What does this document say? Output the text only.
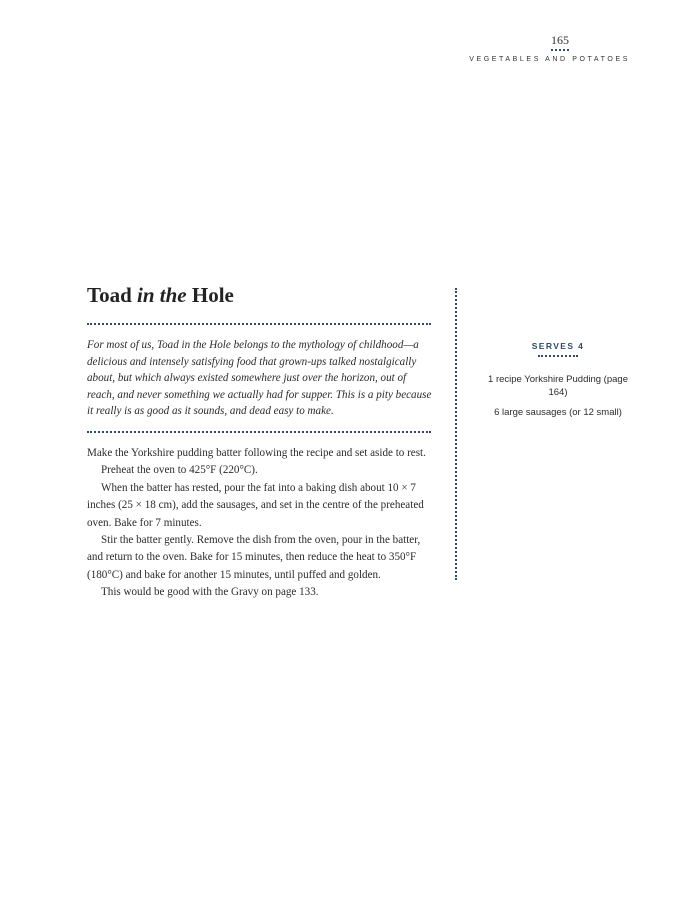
165
VEGETABLES AND POTATOES
Toad in the Hole

For most of us, Toad in the Hole belongs to the mythology of childhood—a delicious and intensely satisfying food that grown-ups talked nostalgically about, but which always existed somewhere just over the horizon, out of reach, and never something we actually had for supper. This is a pity because it really is as good as it sounds, and dead easy to make.

Make the Yorkshire pudding batter following the recipe and set aside to rest.

Preheat the oven to 425°F (220°C).

When the batter has rested, pour the fat into a baking dish about 10 × 7 inches (25 × 18 cm), add the sausages, and set in the centre of the preheated oven. Bake for 7 minutes.

Stir the batter gently. Remove the dish from the oven, pour in the batter, and return to the oven. Bake for 15 minutes, then reduce the heat to 350°F (180°C) and bake for another 15 minutes, until puffed and golden.

This would be good with the Gravy on page 133.

SERVES 4
1 recipe Yorkshire Pudding (page 164)
6 large sausages (or 12 small)
